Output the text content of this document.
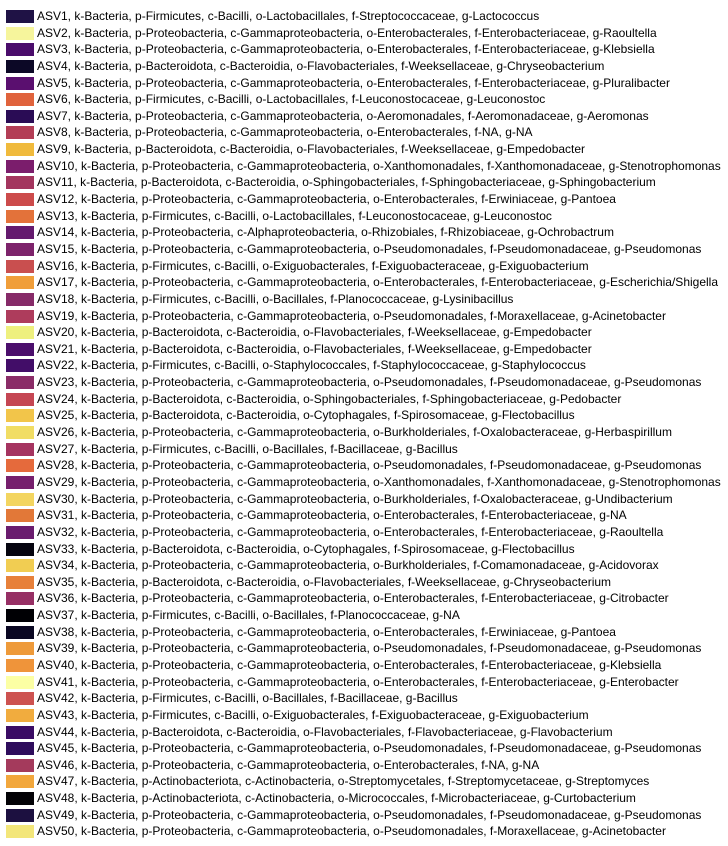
ASV1, k-Bacteria, p-Firmicutes, c-Bacilli, o-Lactobacillales, f-Streptococcaceae, g-Lactococcus
ASV2, k-Bacteria, p-Proteobacteria, c-Gammaproteobacteria, o-Enterobacterales, f-Enterobacteriaceae, g-Raoultella
ASV3, k-Bacteria, p-Proteobacteria, c-Gammaproteobacteria, o-Enterobacterales, f-Enterobacteriaceae, g-Klebsiella
ASV4, k-Bacteria, p-Bacteroidota, c-Bacteroidia, o-Flavobacteriales, f-Weeksellaceae, g-Chryseobacterium
ASV5, k-Bacteria, p-Proteobacteria, c-Gammaproteobacteria, o-Enterobacterales, f-Enterobacteriaceae, g-Pluralibacter
ASV6, k-Bacteria, p-Firmicutes, c-Bacilli, o-Lactobacillales, f-Leuconostocaceae, g-Leuconostoc
ASV7, k-Bacteria, p-Proteobacteria, c-Gammaproteobacteria, o-Aeromonadales, f-Aeromonadaceae, g-Aeromonas
ASV8, k-Bacteria, p-Proteobacteria, c-Gammaproteobacteria, o-Enterobacterales, f-NA, g-NA
ASV9, k-Bacteria, p-Bacteroidota, c-Bacteroidia, o-Flavobacteriales, f-Weeksellaceae, g-Empedobacter
ASV10, k-Bacteria, p-Proteobacteria, c-Gammaproteobacteria, o-Xanthomonadales, f-Xanthomonadaceae, g-Stenotrophomonas
ASV11, k-Bacteria, p-Bacteroidota, c-Bacteroidia, o-Sphingobacteriales, f-Sphingobacteriaceae, g-Sphingobacterium
ASV12, k-Bacteria, p-Proteobacteria, c-Gammaproteobacteria, o-Enterobacterales, f-Erwiniaceae, g-Pantoea
ASV13, k-Bacteria, p-Firmicutes, c-Bacilli, o-Lactobacillales, f-Leuconostocaceae, g-Leuconostoc
ASV14, k-Bacteria, p-Proteobacteria, c-Alphaproteobacteria, o-Rhizobiales, f-Rhizobiaceae, g-Ochrobactrum
ASV15, k-Bacteria, p-Proteobacteria, c-Gammaproteobacteria, o-Pseudomonadales, f-Pseudomonadaceae, g-Pseudomonas
ASV16, k-Bacteria, p-Firmicutes, c-Bacilli, o-Exiguobacterales, f-Exiguobacteraceae, g-Exiguobacterium
ASV17, k-Bacteria, p-Proteobacteria, c-Gammaproteobacteria, o-Enterobacterales, f-Enterobacteriaceae, g-Escherichia/Shigella
ASV18, k-Bacteria, p-Firmicutes, c-Bacilli, o-Bacillales, f-Planococcaceae, g-Lysinibacillus
ASV19, k-Bacteria, p-Proteobacteria, c-Gammaproteobacteria, o-Pseudomonadales, f-Moraxellaceae, g-Acinetobacter
ASV20, k-Bacteria, p-Bacteroidota, c-Bacteroidia, o-Flavobacteriales, f-Weeksellaceae, g-Empedobacter
ASV21, k-Bacteria, p-Bacteroidota, c-Bacteroidia, o-Flavobacteriales, f-Weeksellaceae, g-Empedobacter
ASV22, k-Bacteria, p-Firmicutes, c-Bacilli, o-Staphylococcales, f-Staphylococcaceae, g-Staphylococcus
ASV23, k-Bacteria, p-Proteobacteria, c-Gammaproteobacteria, o-Pseudomonadales, f-Pseudomonadaceae, g-Pseudomonas
ASV24, k-Bacteria, p-Bacteroidota, c-Bacteroidia, o-Sphingobacteriales, f-Sphingobacteriaceae, g-Pedobacter
ASV25, k-Bacteria, p-Bacteroidota, c-Bacteroidia, o-Cytophagales, f-Spirosomaceae, g-Flectobacillus
ASV26, k-Bacteria, p-Proteobacteria, c-Gammaproteobacteria, o-Burkholderiales, f-Oxalobacteraceae, g-Herbaspirillum
ASV27, k-Bacteria, p-Firmicutes, c-Bacilli, o-Bacillales, f-Bacillaceae, g-Bacillus
ASV28, k-Bacteria, p-Proteobacteria, c-Gammaproteobacteria, o-Pseudomonadales, f-Pseudomonadaceae, g-Pseudomonas
ASV29, k-Bacteria, p-Proteobacteria, c-Gammaproteobacteria, o-Xanthomonadales, f-Xanthomonadaceae, g-Stenotrophomonas
ASV30, k-Bacteria, p-Proteobacteria, c-Gammaproteobacteria, o-Burkholderiales, f-Oxalobacteraceae, g-Undibacterium
ASV31, k-Bacteria, p-Proteobacteria, c-Gammaproteobacteria, o-Enterobacterales, f-Enterobacteriaceae, g-NA
ASV32, k-Bacteria, p-Proteobacteria, c-Gammaproteobacteria, o-Enterobacterales, f-Enterobacteriaceae, g-Raoultella
ASV33, k-Bacteria, p-Bacteroidota, c-Bacteroidia, o-Cytophagales, f-Spirosomaceae, g-Flectobacillus
ASV34, k-Bacteria, p-Proteobacteria, c-Gammaproteobacteria, o-Burkholderiales, f-Comamonadaceae, g-Acidovorax
ASV35, k-Bacteria, p-Bacteroidota, c-Bacteroidia, o-Flavobacteriales, f-Weeksellaceae, g-Chryseobacterium
ASV36, k-Bacteria, p-Proteobacteria, c-Gammaproteobacteria, o-Enterobacterales, f-Enterobacteriaceae, g-Citrobacter
ASV37, k-Bacteria, p-Firmicutes, c-Bacilli, o-Bacillales, f-Planococcaceae, g-NA
ASV38, k-Bacteria, p-Proteobacteria, c-Gammaproteobacteria, o-Enterobacterales, f-Erwiniaceae, g-Pantoea
ASV39, k-Bacteria, p-Proteobacteria, c-Gammaproteobacteria, o-Pseudomonadales, f-Pseudomonadaceae, g-Pseudomonas
ASV40, k-Bacteria, p-Proteobacteria, c-Gammaproteobacteria, o-Enterobacterales, f-Enterobacteriaceae, g-Klebsiella
ASV41, k-Bacteria, p-Proteobacteria, c-Gammaproteobacteria, o-Enterobacterales, f-Enterobacteriaceae, g-Enterobacter
ASV42, k-Bacteria, p-Firmicutes, c-Bacilli, o-Bacillales, f-Bacillaceae, g-Bacillus
ASV43, k-Bacteria, p-Firmicutes, c-Bacilli, o-Exiguobacterales, f-Exiguobacteraceae, g-Exiguobacterium
ASV44, k-Bacteria, p-Bacteroidota, c-Bacteroidia, o-Flavobacteriales, f-Flavobacteriaceae, g-Flavobacterium
ASV45, k-Bacteria, p-Proteobacteria, c-Gammaproteobacteria, o-Pseudomonadales, f-Pseudomonadaceae, g-Pseudomonas
ASV46, k-Bacteria, p-Proteobacteria, c-Gammaproteobacteria, o-Enterobacterales, f-NA, g-NA
ASV47, k-Bacteria, p-Actinobacteriota, c-Actinobacteria, o-Streptomycetales, f-Streptomycetaceae, g-Streptomyces
ASV48, k-Bacteria, p-Actinobacteriota, c-Actinobacteria, o-Micrococcales, f-Microbacteriaceae, g-Curtobacterium
ASV49, k-Bacteria, p-Proteobacteria, c-Gammaproteobacteria, o-Pseudomonadales, f-Pseudomonadaceae, g-Pseudomonas
ASV50, k-Bacteria, p-Proteobacteria, c-Gammaproteobacteria, o-Pseudomonadales, f-Moraxellaceae, g-Acinetobacter
